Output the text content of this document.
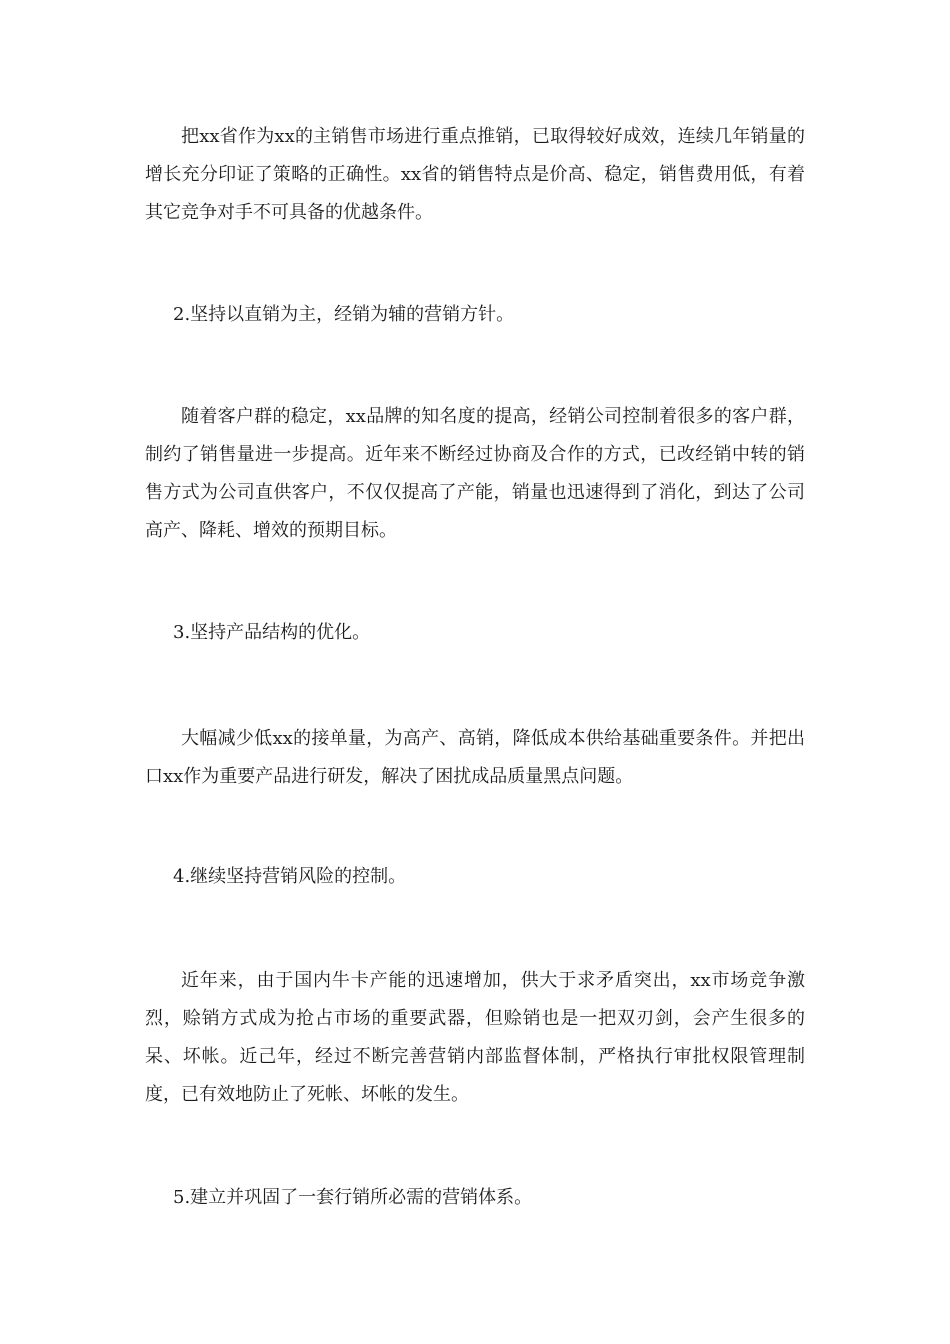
把xx省作为xx的主销售市场进行重点推销，已取得较好成效，连续几年销量的增长充分印证了策略的正确性。xx省的销售特点是价高、稳定，销售费用低，有着其它竞争对手不可具备的优越条件。

2.坚持以直销为主，经销为辅的营销方针。

随着客户群的稳定，xx品牌的知名度的提高，经销公司控制着很多的客户群，制约了销售量进一步提高。近年来不断经过协商及合作的方式，已改经销中转的销售方式为公司直供客户，不仅仅提高了产能，销量也迅速得到了消化，到达了公司高产、降耗、增效的预期目标。

3.坚持产品结构的优化。

大幅减少低xx的接单量，为高产、高销，降低成本供给基础重要条件。并把出口xx作为重要产品进行研发，解决了困扰成品质量黑点问题。

4.继续坚持营销风险的控制。

近年来，由于国内牛卡产能的迅速增加，供大于求矛盾突出，xx市场竞争激烈，赊销方式成为抢占市场的重要武器，但赊销也是一把双刃剑，会产生很多的呆、坏帐。近己年，经过不断完善营销内部监督体制，严格执行审批权限管理制度，已有效地防止了死帐、坏帐的发生。

5.建立并巩固了一套行销所必需的营销体系。
